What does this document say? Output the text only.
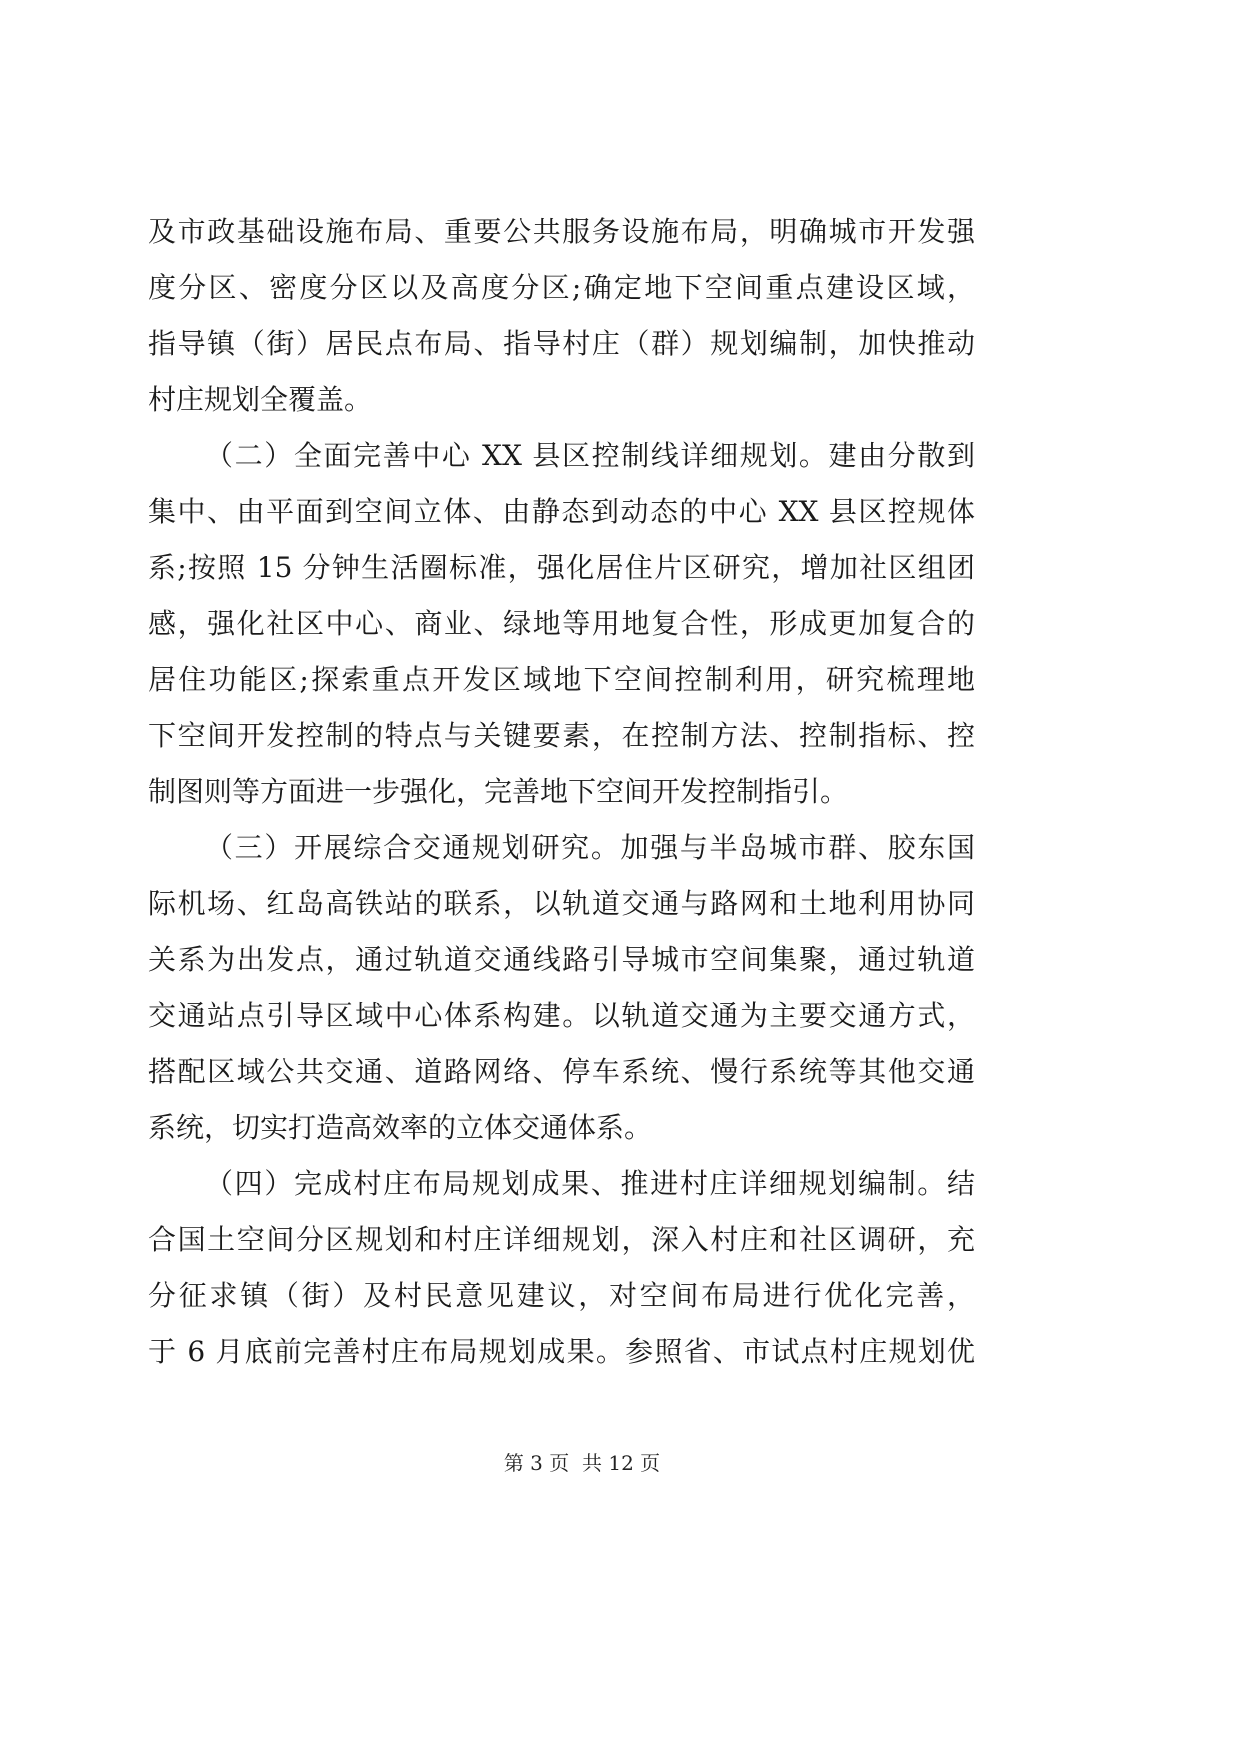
及市政基础设施布局、重要公共服务设施布局，明确城市开发强
度分区、密度分区以及高度分区;确定地下空间重点建设区域，
指导镇（街）居民点布局、指导村庄（群）规划编制，加快推动
村庄规划全覆盖。
（二）全面完善中心 XX 县区控制线详细规划。建由分散到
集中、由平面到空间立体、由静态到动态的中心 XX 县区控规体
系;按照 15 分钟生活圈标准，强化居住片区研究，增加社区组团
感，强化社区中心、商业、绿地等用地复合性，形成更加复合的
居住功能区;探索重点开发区域地下空间控制利用，研究梳理地
下空间开发控制的特点与关键要素，在控制方法、控制指标、控
制图则等方面进一步强化，完善地下空间开发控制指引。
（三）开展综合交通规划研究。加强与半岛城市群、胶东国
际机场、红岛高铁站的联系，以轨道交通与路网和土地利用协同
关系为出发点，通过轨道交通线路引导城市空间集聚，通过轨道
交通站点引导区域中心体系构建。以轨道交通为主要交通方式，
搭配区域公共交通、道路网络、停车系统、慢行系统等其他交通
系统，切实打造高效率的立体交通体系。
（四）完成村庄布局规划成果、推进村庄详细规划编制。结
合国土空间分区规划和村庄详细规划，深入村庄和社区调研，充
分征求镇（街）及村民意见建议，对空间布局进行优化完善，
于 6 月底前完善村庄布局规划成果。参照省、市试点村庄规划优
第 3 页  共 12 页
